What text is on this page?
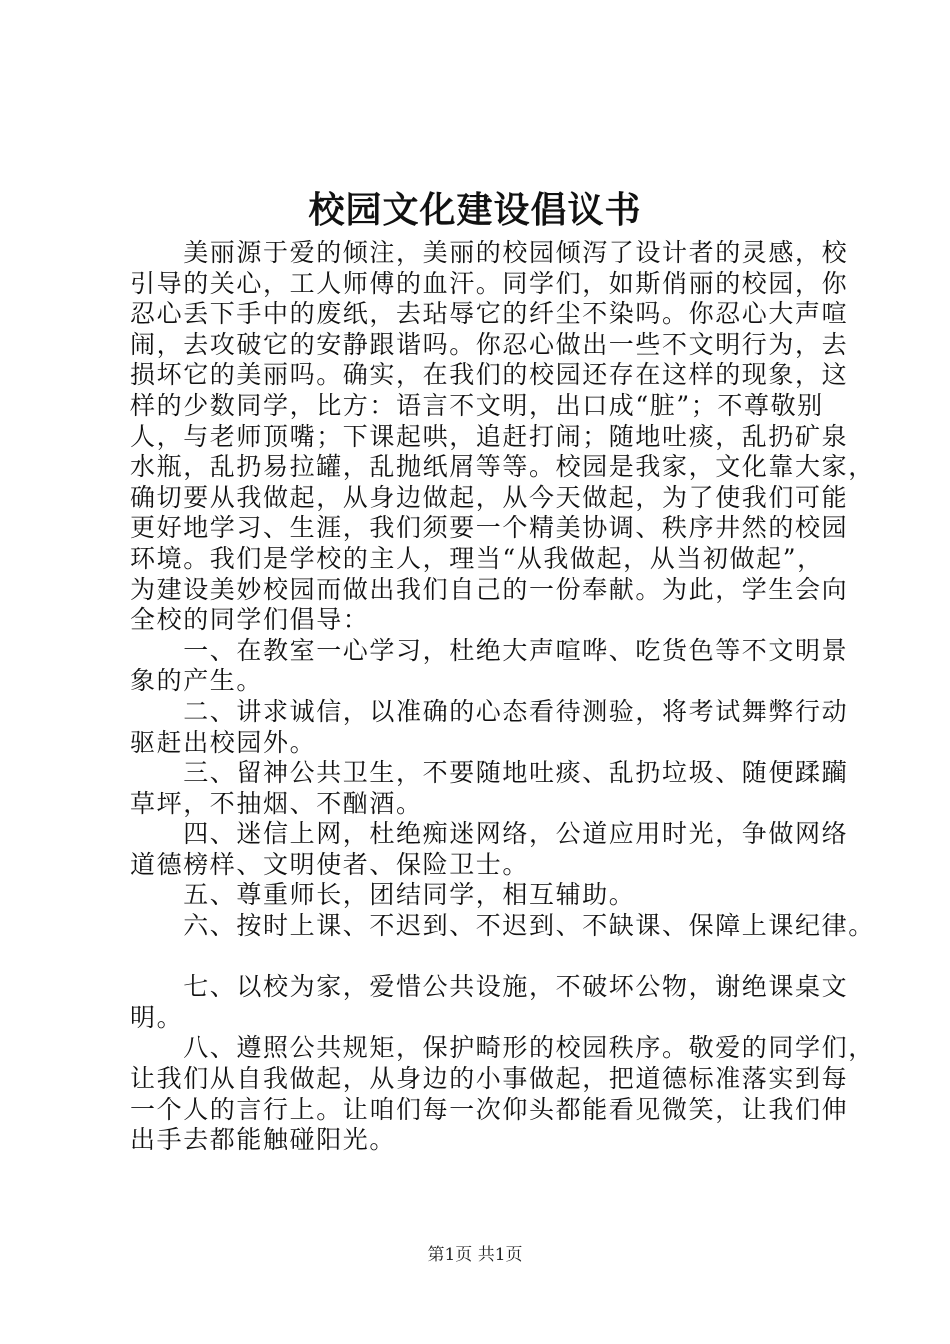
校园文化建设倡议书
　　美丽源于爱的倾注，美丽的校园倾泻了设计者的灵感，校
引导的关心，工人师傅的血汗。同学们，如斯俏丽的校园，你
忍心丢下手中的废纸，去玷辱它的纤尘不染吗。你忍心大声喧
闹，去攻破它的安静跟谐吗。你忍心做出一些不文明行为，去
损坏它的美丽吗。确实，在我们的校园还存在这样的现象，这
样的少数同学，比方：语言不文明，出口成“脏”；不尊敬别
人，与老师顶嘴；下课起哄，追赶打闹；随地吐痰，乱扔矿泉
水瓶，乱扔易拉罐，乱抛纸屑等等。校园是我家，文化靠大家，
确切要从我做起，从身边做起，从今天做起，为了使我们可能
更好地学习、生涯，我们须要一个精美协调、秩序井然的校园
环境。我们是学校的主人，理当“从我做起，从当初做起”，
为建设美妙校园而做出我们自己的一份奉献。为此，学生会向
全校的同学们倡导：
　　一、在教室一心学习，杜绝大声喧哗、吃货色等不文明景
象的产生。
　　二、讲求诚信，以准确的心态看待测验，将考试舞弊行动
驱赶出校园外。
　　三、留神公共卫生，不要随地吐痰、乱扔垃圾、随便蹂躏
草坪，不抽烟、不酗酒。
　　四、迷信上网，杜绝痴迷网络，公道应用时光，争做网络
道德榜样、文明使者、保险卫士。
　　五、尊重师长，团结同学，相互辅助。
　　六、按时上课、不迟到、不迟到、不缺课、保障上课纪律。
　　七、以校为家，爱惜公共设施，不破坏公物，谢绝课桌文
明。
　　八、遵照公共规矩，保护畸形的校园秩序。敬爱的同学们，
让我们从自我做起，从身边的小事做起，把道德标准落实到每
一个人的言行上。让咱们每一次仰头都能看见微笑，让我们伸
出手去都能触碰阳光。
第1页 共1页
